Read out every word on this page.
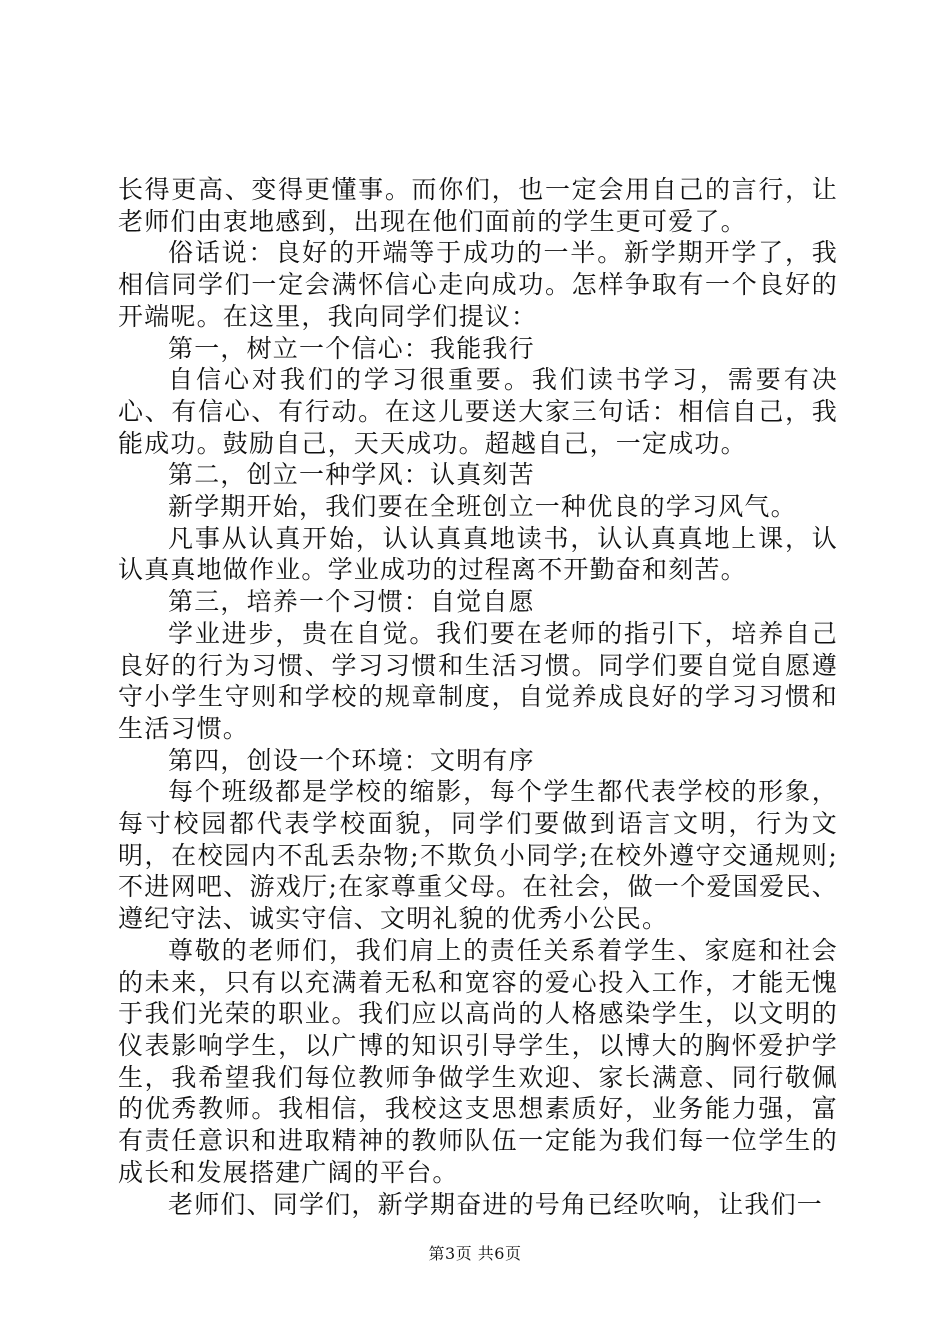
长得更高、变得更懂事。而你们，也一定会用自己的言行，让老师们由衷地感到，出现在他们面前的学生更可爱了。

俗话说：良好的开端等于成功的一半。新学期开学了，我相信同学们一定会满怀信心走向成功。怎样争取有一个良好的开端呢。在这里，我向同学们提议：

第一，树立一个信心：我能我行

自信心对我们的学习很重要。我们读书学习，需要有决心、有信心、有行动。在这儿要送大家三句话：相信自己，我能成功。鼓励自己，天天成功。超越自己，一定成功。

第二，创立一种学风：认真刻苦

新学期开始，我们要在全班创立一种优良的学习风气。

凡事从认真开始，认认真真地读书，认认真真地上课，认认真真地做作业。学业成功的过程离不开勤奋和刻苦。

第三，培养一个习惯：自觉自愿

学业进步，贵在自觉。我们要在老师的指引下，培养自己良好的行为习惯、学习习惯和生活习惯。同学们要自觉自愿遵守小学生守则和学校的规章制度，自觉养成良好的学习习惯和生活习惯。

第四，创设一个环境：文明有序

每个班级都是学校的缩影，每个学生都代表学校的形象，每寸校园都代表学校面貌，同学们要做到语言文明，行为文明，在校园内不乱丢杂物;不欺负小同学;在校外遵守交通规则;不进网吧、游戏厅;在家尊重父母。在社会，做一个爱国爱民、遵纪守法、诚实守信、文明礼貌的优秀小公民。

尊敬的老师们，我们肩上的责任关系着学生、家庭和社会的未来，只有以充满着无私和宽容的爱心投入工作，才能无愧于我们光荣的职业。我们应以高尚的人格感染学生，以文明的仪表影响学生，以广博的知识引导学生，以博大的胸怀爱护学生，我希望我们每位教师争做学生欢迎、家长满意、同行敬佩的优秀教师。我相信，我校这支思想素质好，业务能力强，富有责任意识和进取精神的教师队伍一定能为我们每一位学生的成长和发展搭建广阔的平台。

老师们、同学们，新学期奋进的号角已经吹响，让我们一

第3页 共6页
